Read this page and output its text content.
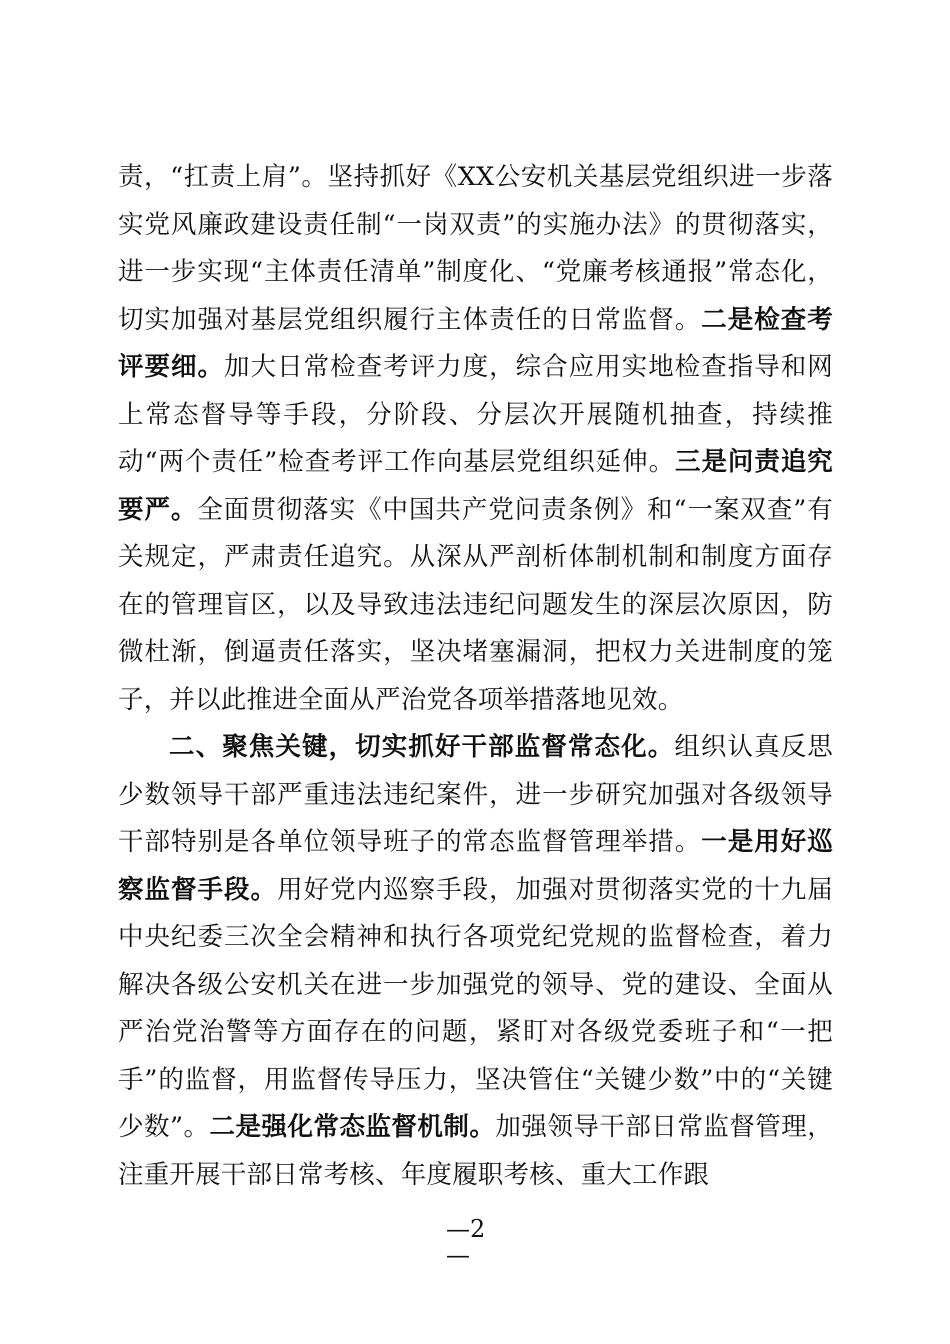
责，“扛责上肩”。坚持抓好《XX公安机关基层党组织进一步落实党风廉政建设责任制“一岗双责”的实施办法》的贯彻落实，进一步实现“主体责任清单”制度化、“党廉考核通报”常态化，切实加强对基层党组织履行主体责任的日常监督。二是检查考评要细。加大日常检查考评力度，综合应用实地检查指导和网上常态督导等手段，分阶段、分层次开展随机抽查，持续推动“两个责任”检查考评工作向基层党组织延伸。三是问责追究要严。全面贯彻落实《中国共产党问责条例》和“一案双查”有关规定，严肃责任追究。从深从严剖析体制机制和制度方面存在的管理盲区，以及导致违法违纪问题发生的深层次原因，防微杜渐，倒逼责任落实，坚决堵塞漏洞，把权力关进制度的笼子，并以此推进全面从严治党各项举措落地见效。

二、聚焦关键，切实抓好干部监督常态化。组织认真反思少数领导干部严重违法违纪案件，进一步研究加强对各级领导干部特别是各单位领导班子的常态监督管理举措。一是用好巡察监督手段。用好党内巡察手段，加强对贯彻落实党的十九届中央纪委三次全会精神和执行各项党纪党规的监督检查，着力解决各级公安机关在进一步加强党的领导、党的建设、全面从严治党治警等方面存在的问题，紧盯对各级党委班子和“一把手”的监督，用监督传导压力，坚决管住“关键少数”中的“关键少数”。二是强化常态监督机制。加强领导干部日常监督管理，注重开展干部日常考核、年度履职考核、重大工作跟

—2
—
